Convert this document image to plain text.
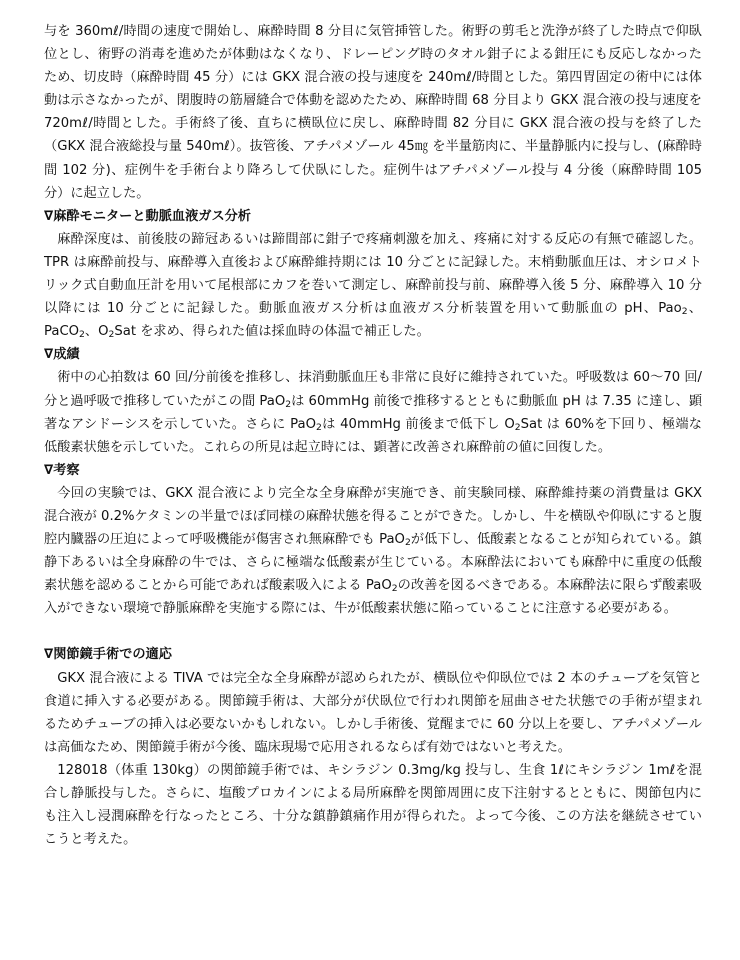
与を 360mℓ/時間の速度で開始し、麻酔時間 8 分目に気管挿管した。術野の剪毛と洗浄が終了した時点で仰臥位とし、術野の消毒を進めたが体動はなくなり、ドレーピング時のタオル鉗子による鉗圧にも反応しなかったため、切皮時（麻酔時間 45 分）には GKX 混合液の投与速度を 240mℓ/時間とした。第四胃固定の術中には体動は示さなかったが、閉腹時の筋層縫合で体動を認めたため、麻酔時間 68 分目より GKX 混合液の投与速度を 720mℓ/時間とした。手術終了後、直ちに横臥位に戻し、麻酔時間 82 分目に GKX 混合液の投与を終了した（GKX 混合液総投与量 540mℓ）。抜管後、アチパメゾール 45㎎ を半量筋肉に、半量静脈内に投与し、(麻酔時間 102 分)、症例牛を手術台より降ろして伏臥にした。症例牛はアチパメゾール投与 4 分後（麻酔時間 105 分）に起立した。

∇麻酔モニターと動脈血液ガス分析

麻酔深度は、前後肢の蹄冠あるいは蹄間部に鉗子で疼痛刺激を加え、疼痛に対する反応の有無で確認した。TPR は麻酔前投与、麻酔導入直後および麻酔維持期には 10 分ごとに記録した。末梢動脈血圧は、オシロメトリック式自動血圧計を用いて尾根部にカフを巻いて測定し、麻酔前投与前、麻酔導入後 5 分、麻酔導入 10 分以降には 10 分ごとに記録した。動脈血液ガス分析は血液ガス分析装置を用いて動脈血の pH、Pao$_2$、PaCO$_2$、$O_2Sat$ を求め、得られた値は採血時の体温で補正した。

∇成績

術中の心拍数は 60 回/分前後を推移し、抹消動脈血圧も非常に良好に維持されていた。呼吸数は 60～70 回/分と過呼吸で推移していたがこの間 PaO$_2$は 60mmHg 前後で推移するとともに動脈血 pH は 7.35 に達し、顕著なアシドーシスを示していた。さらに PaO$_2$は 40mmHg 前後まで低下し $O_2Sat$ は 60%を下回り、極端な低酸素状態を示していた。これらの所見は起立時には、顕著に改善され麻酔前の値に回復した。

∇考察

今回の実験では、GKX 混合液により完全な全身麻酔が実施でき、前実験同様、麻酔維持薬の消費量は GKX 混合液が 0.2%ケタミンの半量でほぼ同様の麻酔状態を得ることができた。しかし、牛を横臥や仰臥にすると腹腔内臓器の圧迫によって呼吸機能が傷害され無麻酔でも PaO$_2$が低下し、低酸素となることが知られている。鎮静下あるいは全身麻酔の牛では、さらに極端な低酸素が生じている。本麻酔法においても麻酔中に重度の低酸素状態を認めることから可能であれば酸素吸入による PaO$_2$の改善を図るべきである。本麻酔法に限らず酸素吸入ができない環境で静脈麻酔を実施する際には、牛が低酸素状態に陥っていることに注意する必要がある。

∇関節鏡手術での適応

GKX 混合液による TIVA では完全な全身麻酔が認められたが、横臥位や仰臥位では 2 本のチューブを気管と食道に挿入する必要がある。関節鏡手術は、大部分が伏臥位で行われ関節を屈曲させた状態での手術が望まれるためチューブの挿入は必要ないかもしれない。しかし手術後、覚醒までに 60 分以上を要し、アチパメゾールは高価なため、関節鏡手術が今後、臨床現場で応用されるならば有効ではないと考えた。

128018（体重 130kg）の関節鏡手術では、キシラジン 0.3mg/kg 投与し、生食 1ℓにキシラジン 1mℓを混合し静脈投与した。さらに、塩酸プロカインによる局所麻酔を関節周囲に皮下注射するとともに、関節包内にも注入し浸潤麻酔を行なったところ、十分な鎮静鎮痛作用が得られた。よって今後、この方法を継続させていこうと考えた。
